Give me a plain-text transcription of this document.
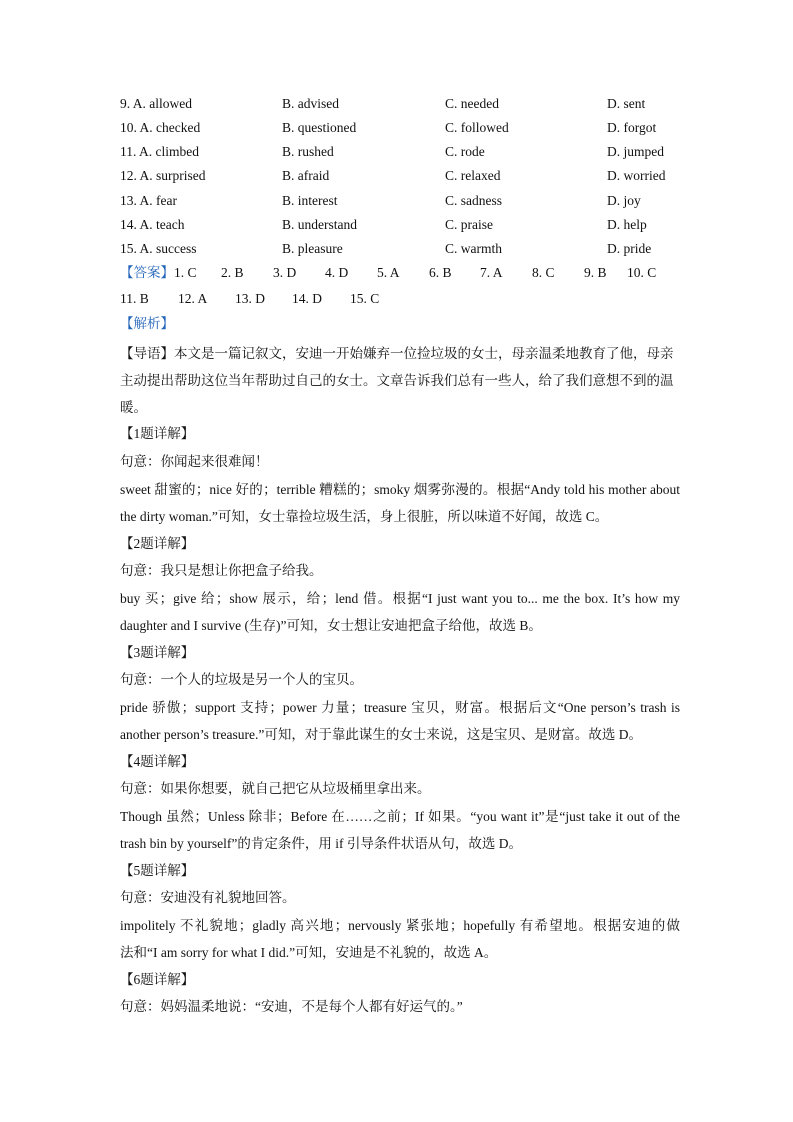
9. A. allowed	B. advised	C. needed	D. sent
10. A. checked	B. questioned	C. followed	D. forgot
11. A. climbed	B. rushed	C. rode	D. jumped
12. A. surprised	B. afraid	C. relaxed	D. worried
13. A. fear	B. interest	C. sadness	D. joy
14. A. teach	B. understand	C. praise	D. help
15. A. success	B. pleasure	C. warmth	D. pride
【答案】1. C 2. B 3. D 4. D 5. A 6. B 7. A 8. C 9. B 10. C
11. B 12. A 13. D 14. D 15. C
【解析】
【导语】本文是一篇记叙文，安迪一开始嫌弃一位捡垃圾的女士，母亲温柔地教育了他，母亲主动提出帮助这位当年帮助过自己的女士。文章告诉我们总有一些人，给了我们意想不到的温暖。
【1题详解】
句意：你闻起来很难闻！
sweet 甜蜜的；nice 好的；terrible 糟糕的；smoky 烟雾弥漫的。根据“Andy told his mother about
the dirty woman.”可知，女士靠捡垃圾生活，身上很脏，所以味道不好闻，故选 C。
【2题详解】
句意：我只是想让你把盒子给我。
buy 买；give 给；show 展示，给；lend 借。根据“I just want you to... me the box. It’s how my
daughter and I survive (生存)”可知，女士想让安迪把盒子给他，故选 B。
【3题详解】
句意：一个人的垃圾是另一个人的宝贝。
pride 骄傲；support 支持；power 力量；treasure 宝贝，财富。根据后文“One person’s trash is
another person’s treasure.”可知，对于靠此谋生的女士来说，这是宝贝、是财富。故选 D。
【4题详解】
句意：如果你想要，就自己把它从垃圾桶里拿出来。
Though 虽然；Unless 除非；Before 在……之前；If 如果。“you want it”是“just take it out of the
trash bin by yourself”的肯定条件，用 if 引导条件状语从句，故选 D。
【5题详解】
句意：安迪没有礼貌地回答。
impolitely 不礼貌地；gladly 高兴地；nervously 紧张地；hopefully 有希望地。根据安迪的做
法和“I am sorry for what I did.”可知，安迪是不礼貌的，故选 A。
【6题详解】
句意：妈妈温柔地说：“安迪，不是每个人都有好运气的。”
